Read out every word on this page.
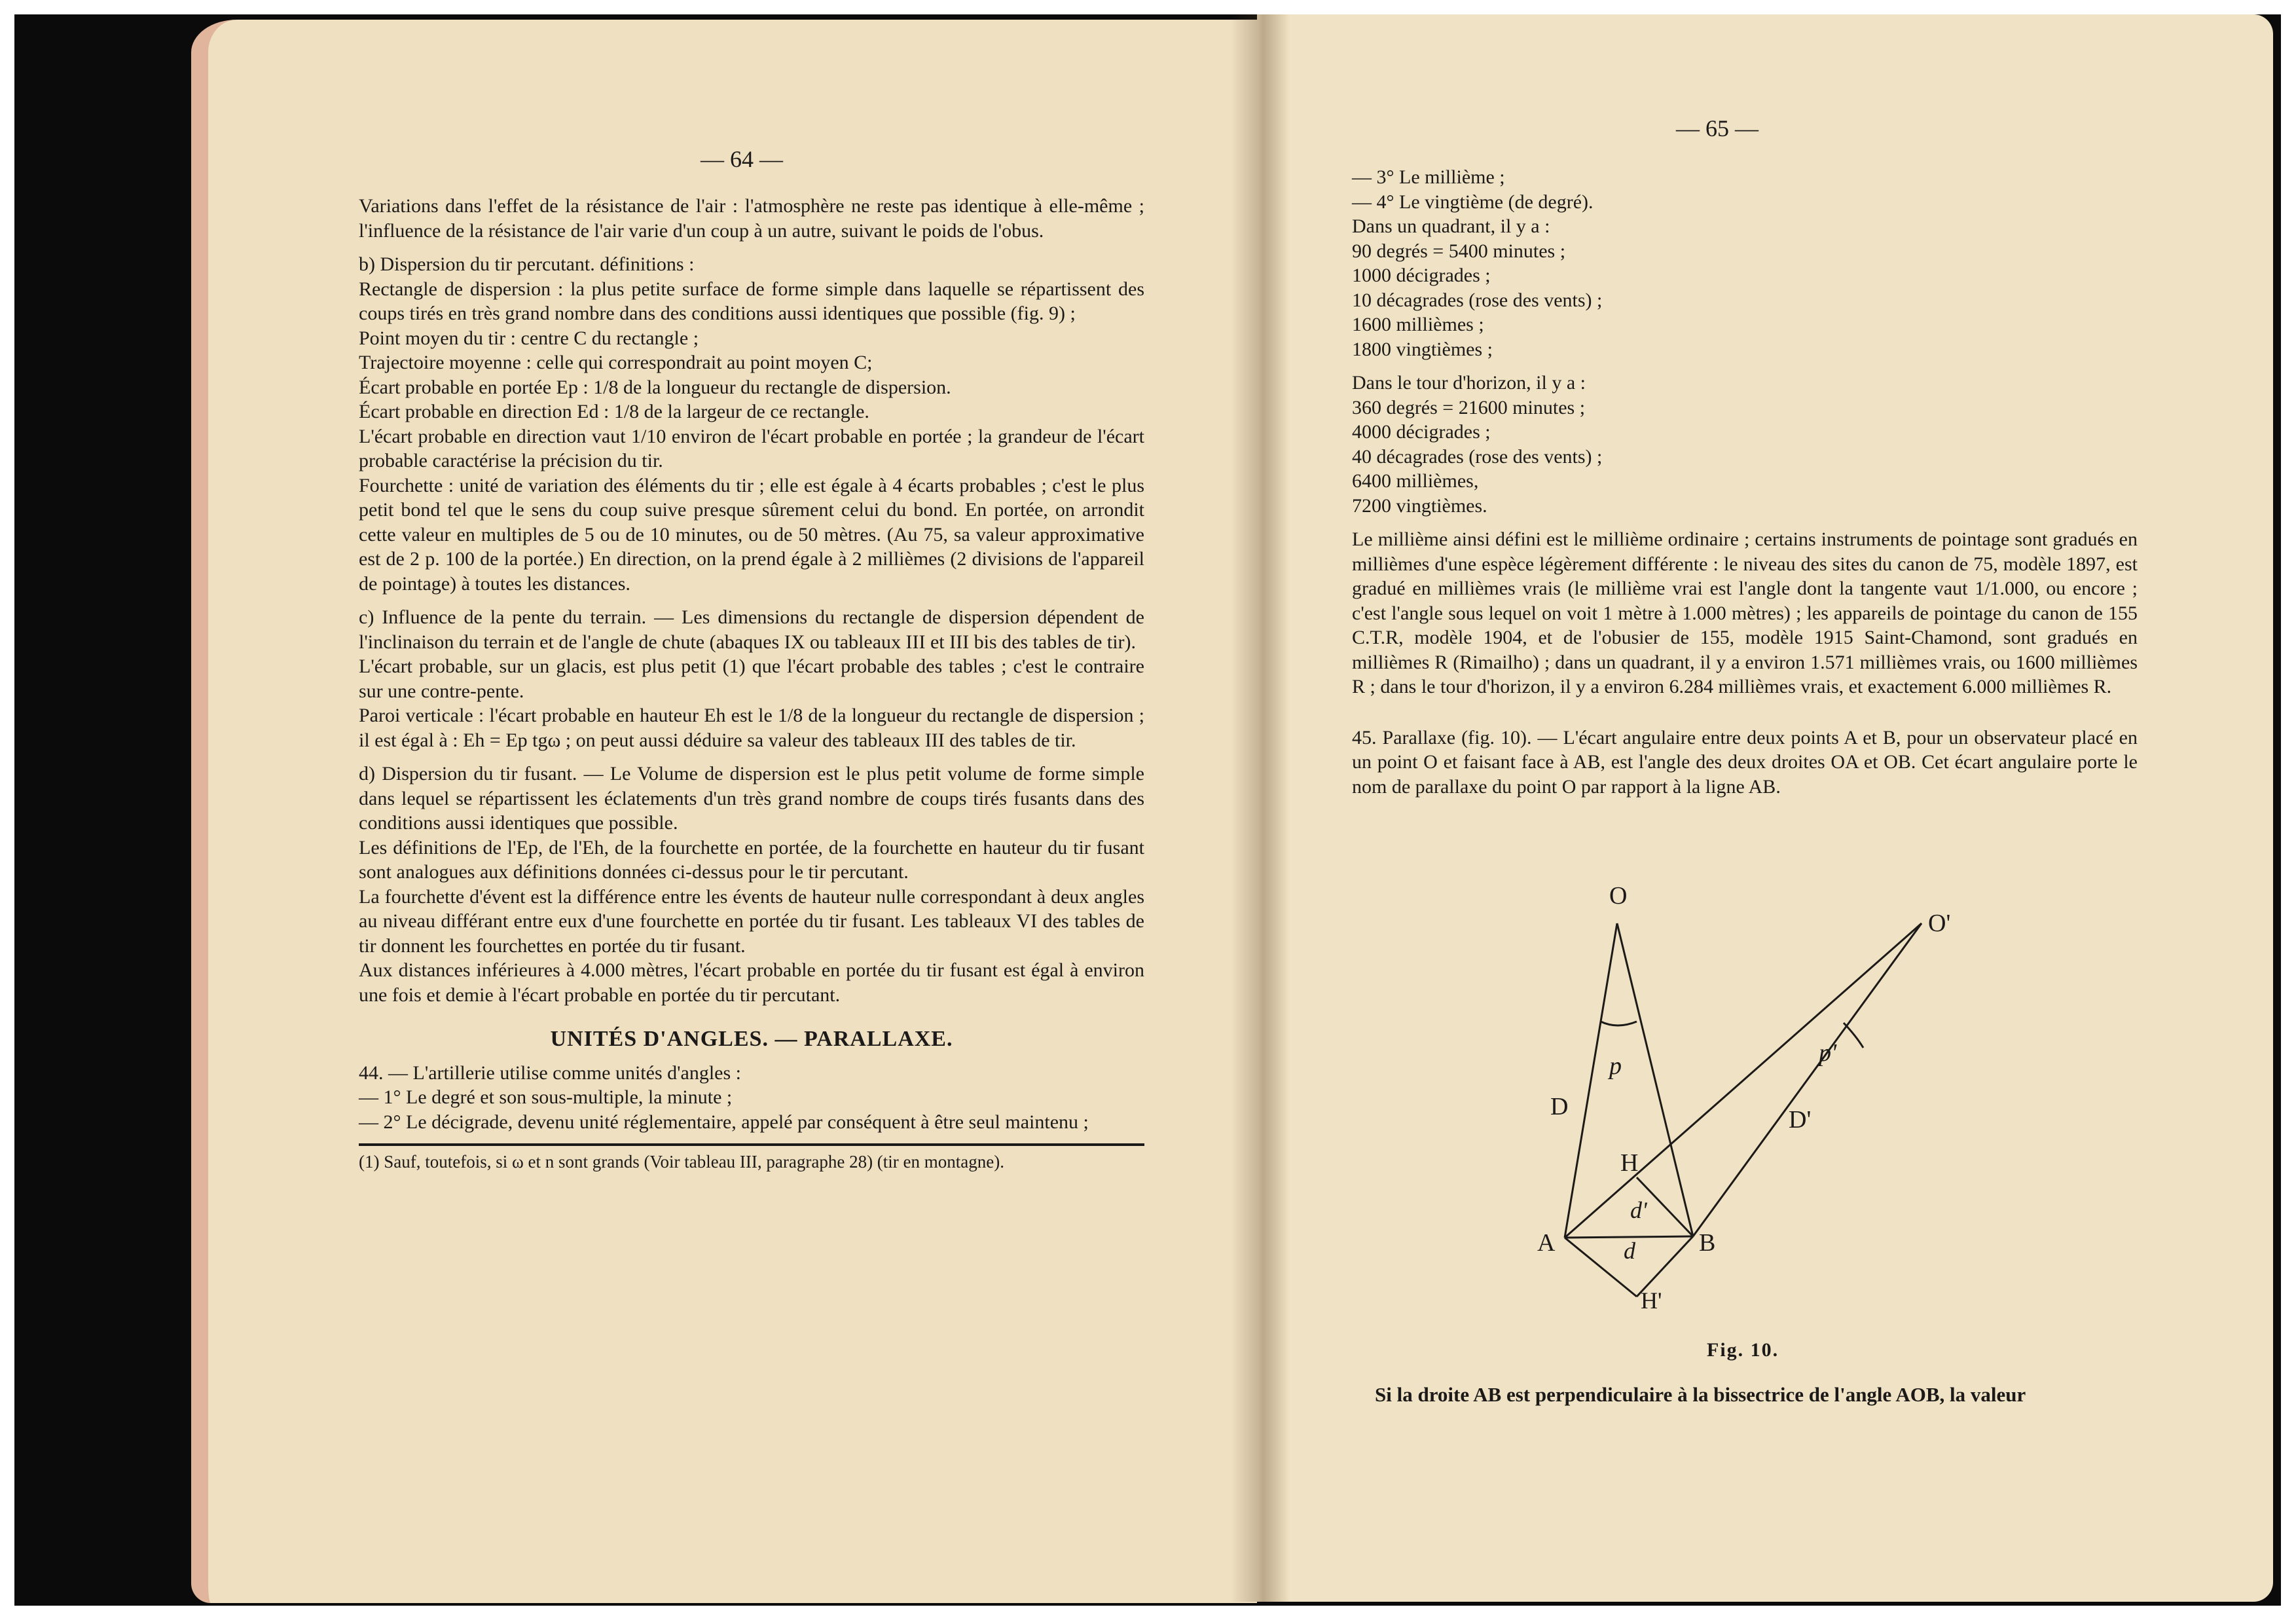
— 64 —

Variations dans l'effet de la résistance de l'air : l'atmosphère ne reste pas identique à elle-même ; l'influence de la résistance de l'air varie d'un coup à un autre, suivant le poids de l'obus.

b) Dispersion du tir percutant. définitions :

Rectangle de dispersion : la plus petite surface de forme simple dans laquelle se répartissent des coups tirés en très grand nombre dans des conditions aussi identiques que possible (fig. 9) ;

Point moyen du tir : centre C du rectangle ;

Trajectoire moyenne : celle qui correspondrait au point moyen C;

Écart probable en portée Ep : 1/8 de la longueur du rectangle de dispersion.

Écart probable en direction Ed : 1/8 de la largeur de ce rectangle.

L'écart probable en direction vaut 1/10 environ de l'écart probable en portée ; la grandeur de l'écart probable caractérise la précision du tir.

Fourchette : unité de variation des éléments du tir ; elle est égale à 4 écarts probables ; c'est le plus petit bond tel que le sens du coup suive presque sûrement celui du bond. En portée, on arrondit cette valeur en multiples de 5 ou de 10 minutes, ou de 50 mètres. (Au 75, sa valeur approximative est de 2 p. 100 de la portée.) En direction, on la prend égale à 2 millièmes (2 divisions de l'appareil de pointage) à toutes les distances.

c) Influence de la pente du terrain. — Les dimensions du rectangle de dispersion dépendent de l'inclinaison du terrain et de l'angle de chute (abaques IX ou tableaux III et III bis des tables de tir).

L'écart probable, sur un glacis, est plus petit (1) que l'écart probable des tables ; c'est le contraire sur une contre-pente.

Paroi verticale : l'écart probable en hauteur Eh est le 1/8 de la longueur du rectangle de dispersion ; il est égal à : Eh = Ep tgω ; on peut aussi déduire sa valeur des tableaux III des tables de tir.

d) Dispersion du tir fusant. — Le Volume de dispersion est le plus petit volume de forme simple dans lequel se répartissent les éclatements d'un très grand nombre de coups tirés fusants dans des conditions aussi identiques que possible.

Les définitions de l'Ep, de l'Eh, de la fourchette en portée, de la fourchette en hauteur du tir fusant sont analogues aux définitions données ci-dessus pour le tir percutant.

La fourchette d'évent est la différence entre les évents de hauteur nulle correspondant à deux angles au niveau différant entre eux d'une fourchette en portée du tir fusant. Les tableaux VI des tables de tir donnent les fourchettes en portée du tir fusant.

Aux distances inférieures à 4.000 mètres, l'écart probable en portée du tir fusant est égal à environ une fois et demie à l'écart probable en portée du tir percutant.

UNITÉS D'ANGLES. — PARALLAXE.

44. — L'artillerie utilise comme unités d'angles :

— 1° Le degré et son sous-multiple, la minute ;

— 2° Le décigrade, devenu unité réglementaire, appelé par conséquent à être seul maintenu ;

(1) Sauf, toutefois, si ω et n sont grands (Voir tableau III, paragraphe 28) (tir en montagne).

— 65 —

— 3° Le millième ;

— 4° Le vingtième (de degré).

Dans un quadrant, il y a :

90 degrés = 5400 minutes ;

1000 décigrades ;

10 décagrades (rose des vents) ;

1600 millièmes ;

1800 vingtièmes ;

Dans le tour d'horizon, il y a :

360 degrés = 21600 minutes ;

4000 décigrades ;

40 décagrades (rose des vents) ;

6400 millièmes,

7200 vingtièmes.

Le millième ainsi défini est le millième ordinaire ; certains instruments de pointage sont gradués en millièmes d'une espèce légèrement différente : le niveau des sites du canon de 75, modèle 1897, est gradué en millièmes vrais (le millième vrai est l'angle dont la tangente vaut 1/1.000, ou encore ; c'est l'angle sous lequel on voit 1 mètre à 1.000 mètres) ; les appareils de pointage du canon de 155 C.T.R, modèle 1904, et de l'obusier de 155, modèle 1915 Saint-Chamond, sont gradués en millièmes R (Rimailho) ; dans un quadrant, il y a environ 1.571 millièmes vrais, ou 1600 millièmes R ; dans le tour d'horizon, il y a environ 6.284 millièmes vrais, et exactement 6.000 millièmes R.

45. Parallaxe (fig. 10). — L'écart angulaire entre deux points A et B, pour un observateur placé en un point O et faisant face à AB, est l'angle des deux droites OA et OB. Cet écart angulaire porte le nom de parallaxe du point O par rapport à la ligne AB.

O
O'
p	p'
D	D'
H
d'
A	d	B
H'
Fig. 10.
Si la droite AB est perpendiculaire à la bissectrice de l'angle AOB, la valeur
